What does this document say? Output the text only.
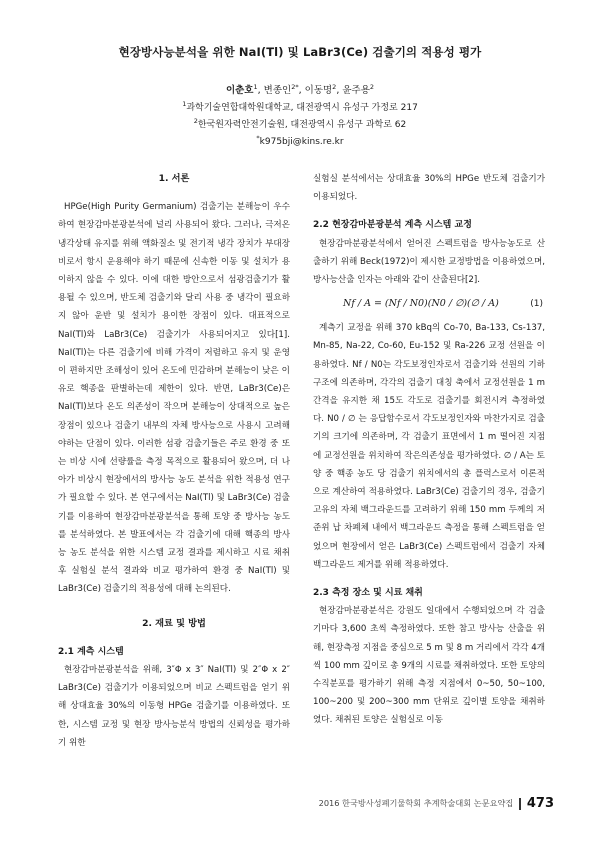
현장방사능분석을 위한 NaI(Tl) 및 LaBr3(Ce) 검출기의 적용성 평가
이춘호$^1$, 변종인$^{2*}$, 이동명$^2$, 윤주용$^2$
$^1$과학기술연합대학원대학교, 대전광역시 유성구 가정로 217
$^2$한국원자력안전기술원, 대전광역시 유성구 과학로 62
*k975bji@kins.re.kr
1. 서론

HPGe(High Purity Germanium) 검출기는 분해능이 우수하여 현장감마분광분석에 널리 사용되어 왔다. 그러나, 극저온 냉각상태 유지를 위해 액화질소 및 전기적 냉각 장치가 부대장비로서 항시 운용해야 하기 때문에 신속한 이동 및 설치가 용이하지 않을 수 있다. 이에 대한 방안으로서 섬광검출기가 활용될 수 있으며, 반도체 검출기와 달리 사용 중 냉각이 필요하지 않아 운반 및 설치가 용이한 장점이 있다. 대표적으로 NaI(Tl)와 LaBr3(Ce) 검출기가 사용되어지고 있다[1]. NaI(Tl)는 다른 검출기에 비해 가격이 저렴하고 유지 및 운영이 편하지만 조해성이 있어 온도에 민감하며 분해능이 낮은 이유로 핵종을 판별하는데 제한이 있다. 반면, LaBr3(Ce)은 NaI(Tl)보다 온도 의존성이 작으며 분해능이 상대적으로 높은 장점이 있으나 검출기 내부의 자체 방사능으로 사용시 고려해야하는 단점이 있다. 이러한 섬광 검출기들은 주로 환경 중 또는 비상 시에 선량률을 측정 목적으로 활용되어 왔으며, 더 나아가 비상시 현장에서의 방사능 농도 분석을 위한 적용성 연구가 필요할 수 있다. 본 연구에서는 NaI(Tl) 및 LaBr3(Ce) 검출기를 이용하여 현장감마분광분석을 통해 토양 중 방사능 농도를 분석하였다. 본 발표에서는 각 검출기에 대해 핵종의 방사능 농도 분석을 위한 시스템 교정 결과를 제시하고 시료 채취 후 실험실 분석 결과와 비교 평가하여 환경 중 NaI(Tl) 및 LaBr3(Ce) 검출기의 적용성에 대해 논의된다.

2. 재료 및 방법
2.1 계측 시스템

현장감마분광분석을 위해, 3″Φ x 3″ NaI(Tl) 및 2″Φ x 2″ LaBr3(Ce) 검출기가 이용되었으며 비교 스펙트럼을 얻기 위해 상대효율 30%의 이동형 HPGe 검출기를 이용하였다. 또한, 시스템 교정 및 현장 방사능분석 방법의 신뢰성을 평가하기 위한

실험실 분석에서는 상대효율 30%의 HPGe 반도체 검출기가 이용되었다.

2.2 현장감마분광분석 계측 시스템 교정

현장감마분광분석에서 얻어진 스펙트럼을 방사능농도로 산출하기 위해 Beck(1972)이 제시한 교정방법을 이용하였으며, 방사능산출 인자는 아래와 같이 산출된다[2].

Nf / A = (Nf / N0)(N0 / ∅)(∅ / A)	(1)

계측기 교정을 위해 370 kBq의 Co-70, Ba-133, Cs-137, Mn-85, Na-22, Co-60, Eu-152 및 Ra-226 교정 선원을 이용하였다. Nf / N0는 각도보정인자로서 검출기와 선원의 기하구조에 의존하며, 각각의 검출기 대칭 축에서 교정선원을 1 m 간격을 유지한 채 15도 각도로 검출기를 회전시켜 측정하였다. N0 / ∅ 는 응답함수로서 각도보정인자와 마찬가지로 검출기의 크기에 의존하며, 각 검출기 표면에서 1 m 떨어진 지점에 교정선원을 위치하여 작은의존성을 평가하였다. ∅ / A는 토양 중 핵종 농도 당 검출기 위치에서의 총 플럭스로서 이론적으로 계산하여 적용하였다. LaBr3(Ce) 검출기의 경우, 검출기 고유의 자체 백그라운드를 고려하기 위해 150 mm 두께의 저준위 납 차폐체 내에서 백그라운드 측정을 통해 스펙트럼을 얻었으며 현장에서 얻은 LaBr3(Ce) 스펙트럼에서 검출기 자체 백그라운드 제거를 위해 적용하였다.

2.3 측정 장소 및 시료 채취

현장감마분광분석은 강원도 일대에서 수행되었으며 각 검출기마다 3,600 초씩 측정하였다. 또한 참고 방사능 산출을 위해, 현장측정 지점을 중심으로 5 m 및 8 m 거리에서 각각 4개씩 100 mm 깊이로 총 9개의 시료를 채취하였다. 또한 토양의 수직분포를 평가하기 위해 측정 지점에서 0~50, 50~100, 100~200 및 200~300 mm 단위로 깊이별 토양을 채취하였다. 채취된 토양은 실험실로 이동

2016 한국방사성폐기물학회 추계학술대회 논문요약집 473
